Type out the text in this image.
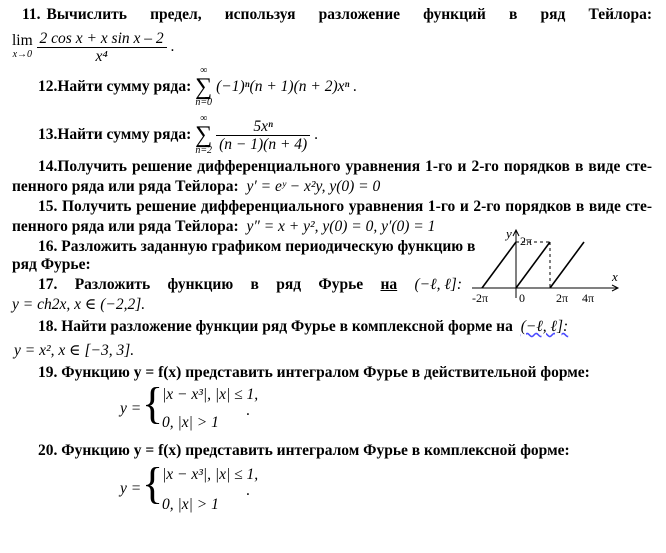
11. Вычислить предел, используя разложение функций в ряд Тейлора:
lim
x→0
$\frac{\text{2 cos x + x sin x – 2}}{\text{x⁴}}$ .
12.Найти сумму ряда:
∞
∑
n=0
(−1)ⁿ(n + 1)(n + 2)xⁿ .
13.Найти сумму ряда:
∞
∑
n=2
$\frac{\text{5xⁿ}}{(n - 1)(n + 4)}$ .
14.Получить решение дифференциального уравнения 1-го и 2-го порядков в виде сте-
пенного ряда или ряда Тейлора: y′ = eʸ − x²y, y(0) = 0
15. Получить решение дифференциального уравнения 1-го и 2-го порядков в виде сте-
пенного ряда или ряда Тейлора: y″ = x + y², y(0) = 0, y′(0) = 1
16. Разложить заданную графиком периодическую функцию в
ряд Фурье:
y
x
2π
-2π	0	2π 4π
17. Разложить функцию в ряд Фурье на (−ℓ, ℓ]:
y = ch2x, x ∈ (−2,2].
18. Найти разложение функции ряд Фурье в комплексной форме на (−ℓ, ℓ]:
y = x², x ∈ [−3, 3].
19. Функцию y = f(x) представить интегралом Фурье в действительной форме:
y = {
|x − x³|, |x| ≤ 1,
0, |x| > 1
.
20. Функцию y = f(x) представить интегралом Фурье в комплексной форме:
y = {
|x − x³|, |x| ≤ 1,
0, |x| > 1
.
